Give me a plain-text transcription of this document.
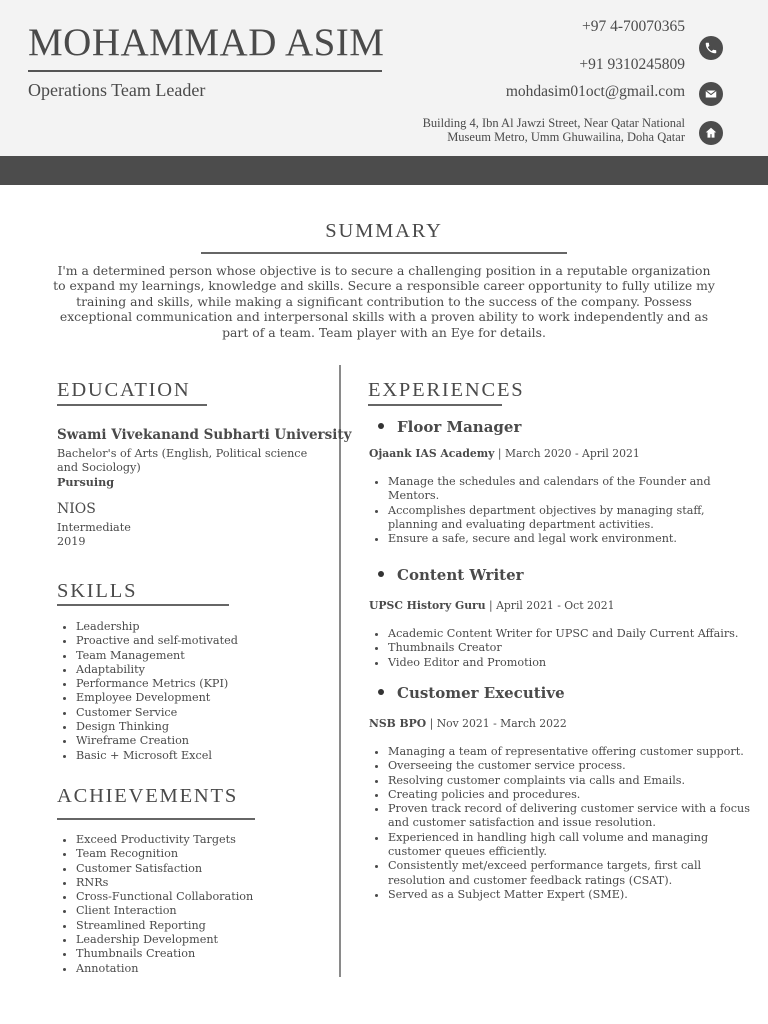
MOHAMMAD ASIM
Operations Team Leader
+97 4-70070365
+91 9310245809
mohdasim01oct@gmail.com
Building 4, Ibn Al Jawzi Street, Near Qatar National
Museum Metro, Umm Ghuwailina, Doha Qatar
SUMMARY
I'm a determined person whose objective is to secure a challenging position in a reputable organization to expand my learnings, knowledge and skills. Secure a responsible career opportunity to fully utilize my training and skills, while making a significant contribution to the success of the company. Possess exceptional communication and interpersonal skills with a proven ability to work independently and as part of a team. Team player with an Eye for details.
EDUCATION
Swami Vivekanand Subharti University
Bachelor's of Arts (English, Political science and Sociology)
Pursuing
NIOS
Intermediate
2019
SKILLS
• Leadership
• Proactive and self-motivated
• Team Management
• Adaptability
• Performance Metrics (KPI)
• Employee Development
• Customer Service
• Design Thinking
• Wireframe Creation
• Basic + Microsoft Excel
ACHIEVEMENTS
• Exceed Productivity Targets
• Team Recognition
• Customer Satisfaction
• RNRs
• Cross-Functional Collaboration
• Client Interaction
• Streamlined Reporting
• Leadership Development
• Thumbnails Creation
• Annotation
EXPERIENCES
Floor Manager
Ojaank IAS Academy | March 2020 - April 2021
• Manage the schedules and calendars of the Founder and Mentors.
• Accomplishes department objectives by managing staff, planning and evaluating department activities.
• Ensure a safe, secure and legal work environment.
Content Writer
UPSC History Guru | April 2021 - Oct 2021
• Academic Content Writer for UPSC and Daily Current Affairs.
• Thumbnails Creator
• Video Editor and Promotion
Customer Executive
NSB BPO | Nov 2021 - March 2022
• Managing a team of representative offering customer support.
• Overseeing the customer service process.
• Resolving customer complaints via calls and Emails.
• Creating policies and procedures.
• Proven track record of delivering customer service with a focus and customer satisfaction and issue resolution.
• Experienced in handling high call volume and managing customer queues efficiently.
• Consistently met/exceed performance targets, first call resolution and customer feedback ratings (CSAT).
• Served as a Subject Matter Expert (SME).
